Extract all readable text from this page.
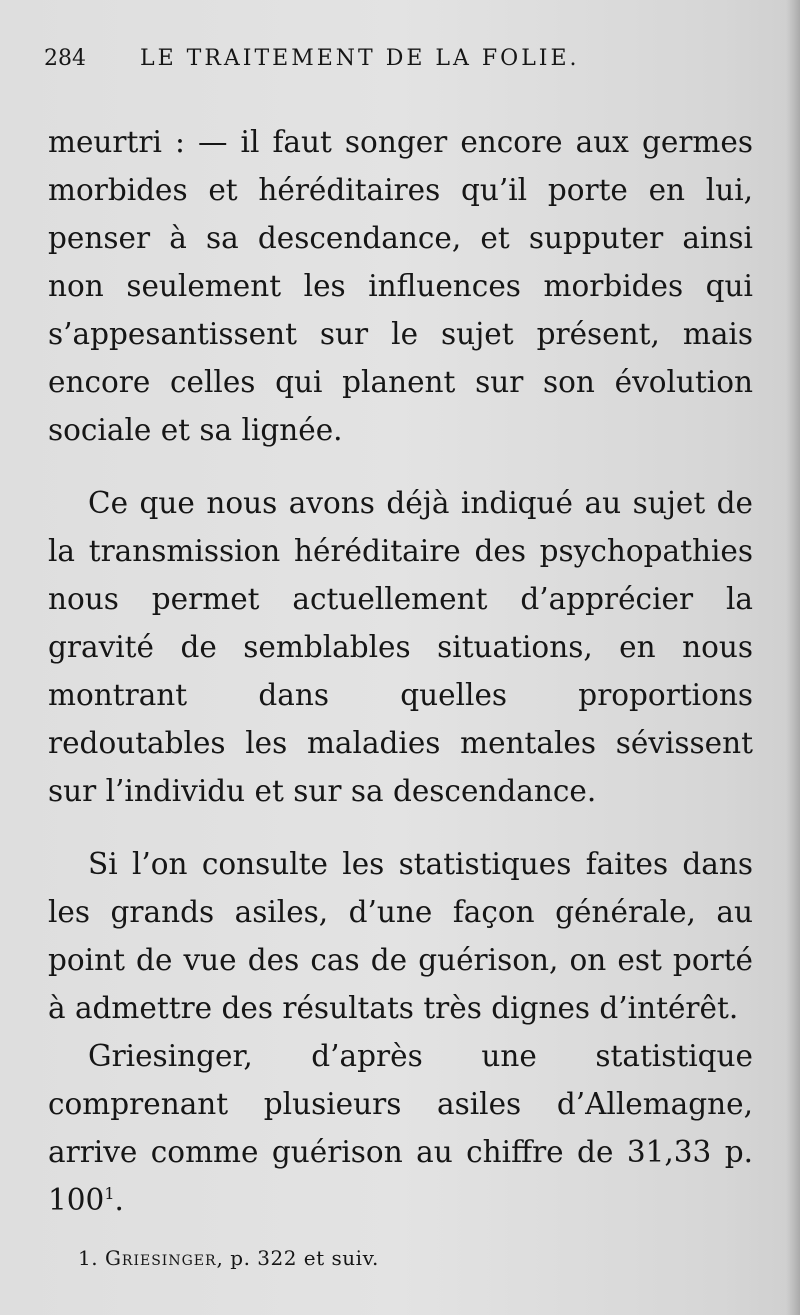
284 LE TRAITEMENT DE LA FOLIE.

meurtri : — il faut songer encore aux germes morbides et héréditaires qu’il porte en lui, penser à sa descendance, et supputer ainsi non seulement les influences morbides qui s’appesantissent sur le sujet présent, mais encore celles qui planent sur son évolution sociale et sa lignée.

Ce que nous avons déjà indiqué au sujet de la transmission héréditaire des psychopathies nous permet actuellement d’apprécier la gravité de semblables situations, en nous montrant dans quelles proportions redoutables les maladies mentales sévissent sur l’individu et sur sa descendance.

Si l’on consulte les statistiques faites dans les grands asiles, d’une façon générale, au point de vue des cas de guérison, on est porté à admettre des résultats très dignes d’intérêt.

Griesinger, d’après une statistique comprenant plusieurs asiles d’Allemagne, arrive comme guérison au chiffre de 31,33 p. $100^1$.

1. Griesinger, p. 322 et suiv.
